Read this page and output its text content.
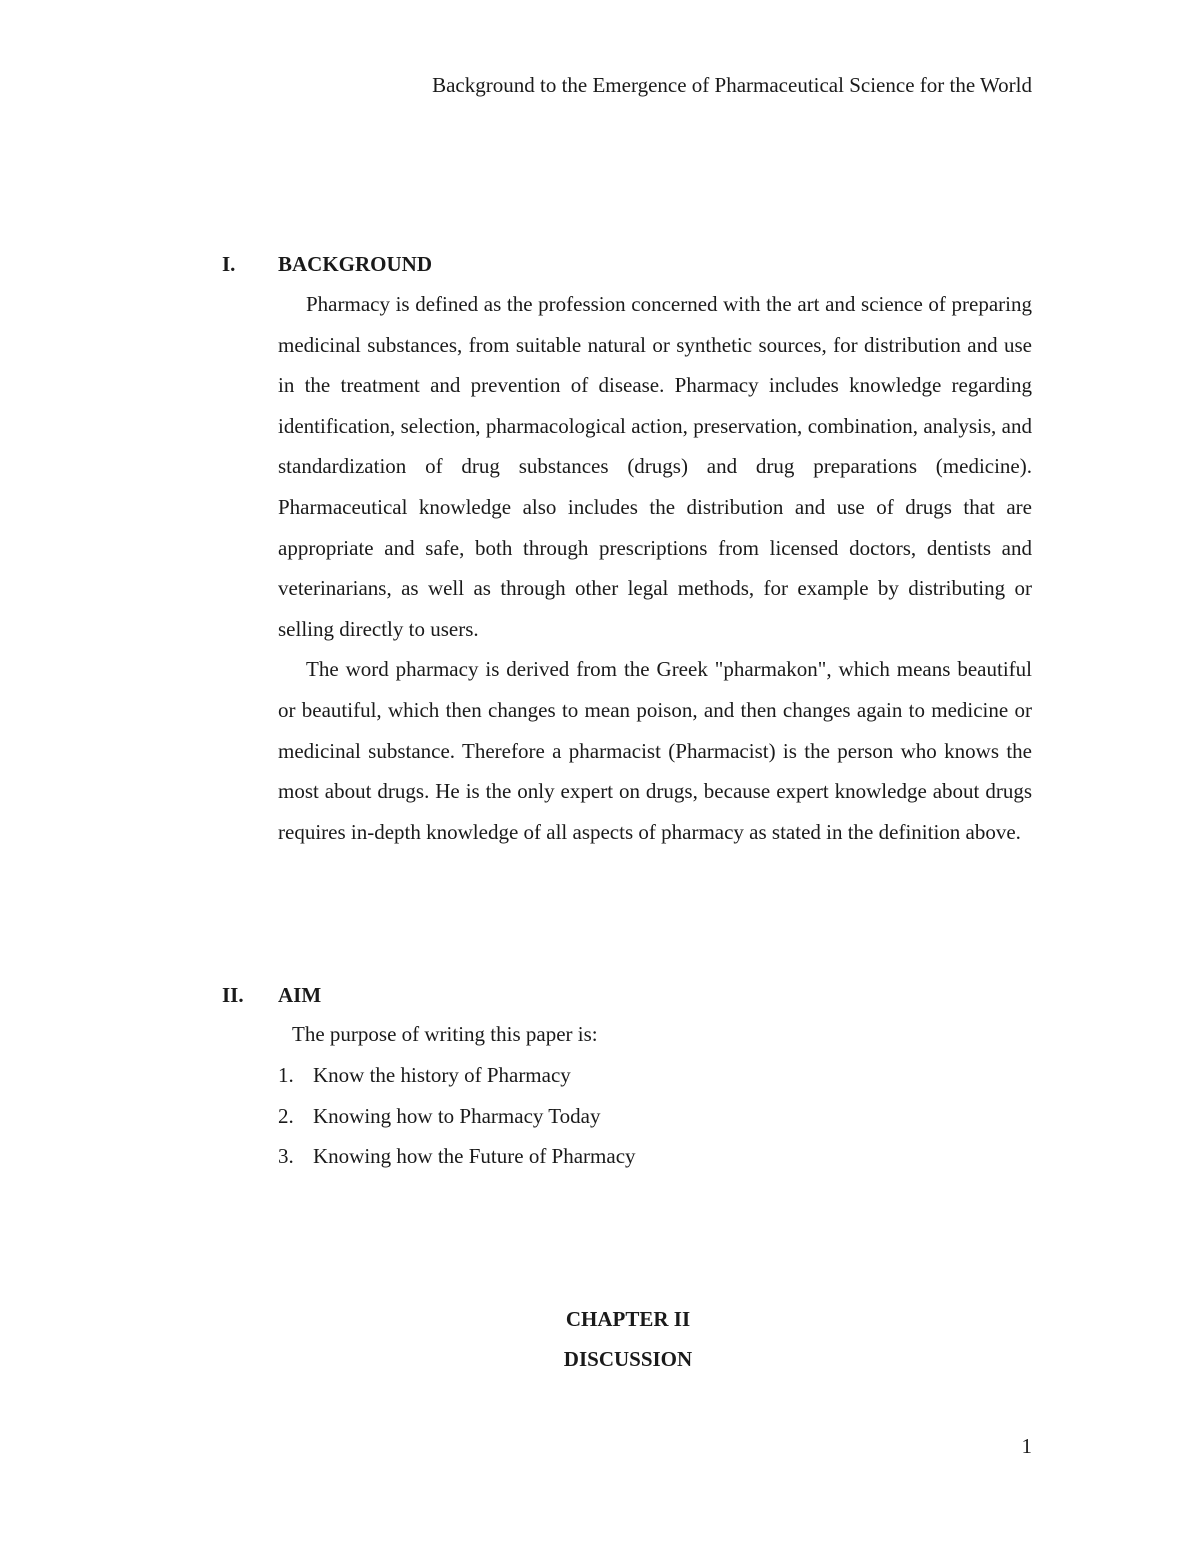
Background to the Emergence of Pharmaceutical Science for the World
I. BACKGROUND

Pharmacy is defined as the profession concerned with the art and science of preparing medicinal substances, from suitable natural or synthetic sources, for distribution and use in the treatment and prevention of disease. Pharmacy includes knowledge regarding identification, selection, pharmacological action, preservation, combination, analysis, and standardization of drug substances (drugs) and drug preparations (medicine). Pharmaceutical knowledge also includes the distribution and use of drugs that are appropriate and safe, both through prescriptions from licensed doctors, dentists and veterinarians, as well as through other legal methods, for example by distributing or selling directly to users.

The word pharmacy is derived from the Greek "pharmakon", which means beautiful or beautiful, which then changes to mean poison, and then changes again to medicine or medicinal substance. Therefore a pharmacist (Pharmacist) is the person who knows the most about drugs. He is the only expert on drugs, because expert knowledge about drugs requires in-depth knowledge of all aspects of pharmacy as stated in the definition above.

II. AIM
The purpose of writing this paper is:
1. Know the history of Pharmacy
2. Knowing how to Pharmacy Today
3. Knowing how the Future of Pharmacy
CHAPTER II
DISCUSSION
1
